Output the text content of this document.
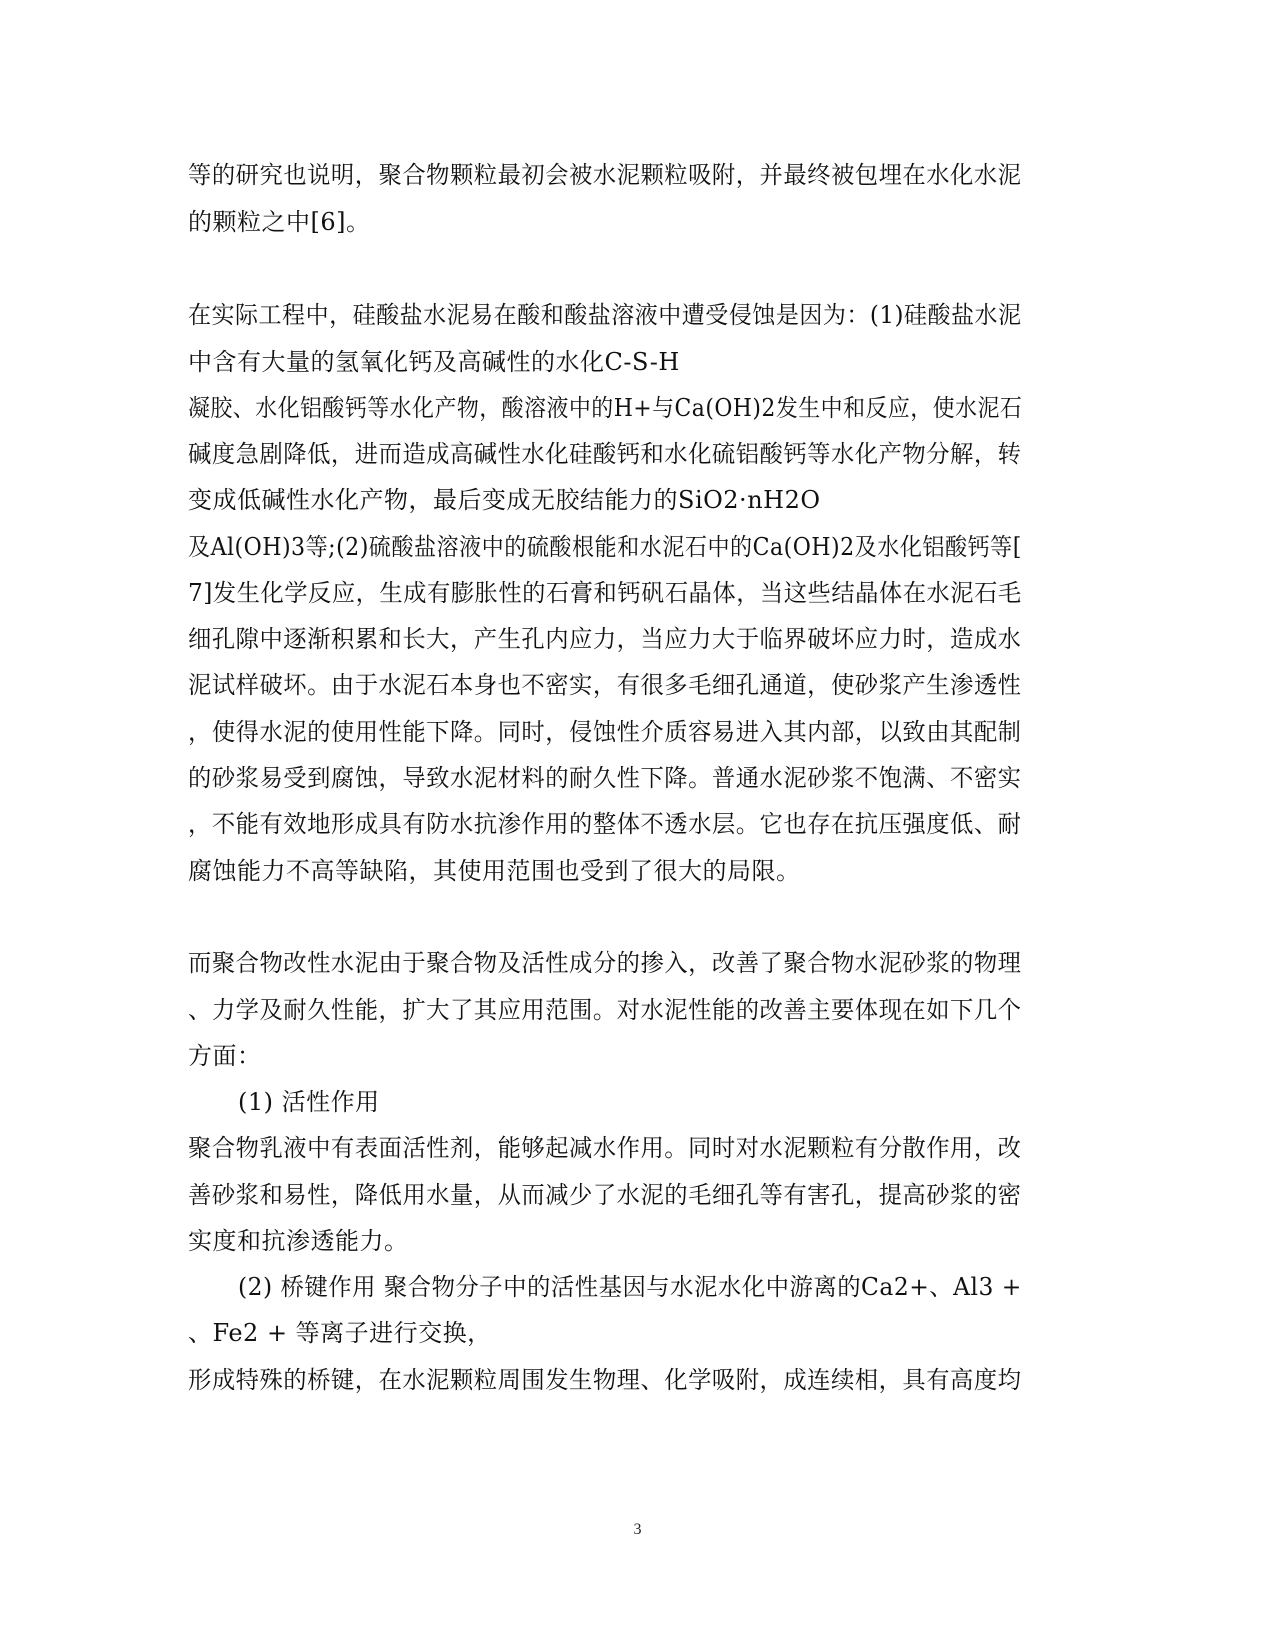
等的研究也说明，聚合物颗粒最初会被水泥颗粒吸附，并最终被包埋在水化水泥
的颗粒之中[6]。
在实际工程中，硅酸盐水泥易在酸和酸盐溶液中遭受侵蚀是因为：(1)硅酸盐水泥
中含有大量的氢氧化钙及高碱性的水化C-S-H
凝胶、水化铝酸钙等水化产物，酸溶液中的H+与Ca(OH)2发生中和反应，使水泥石
碱度急剧降低，进而造成高碱性水化硅酸钙和水化硫铝酸钙等水化产物分解，转
变成低碱性水化产物，最后变成无胶结能力的SiO2·nH2O
及Al(OH)3等;(2)硫酸盐溶液中的硫酸根能和水泥石中的Ca(OH)2及水化铝酸钙等[
7]发生化学反应，生成有膨胀性的石膏和钙矾石晶体，当这些结晶体在水泥石毛
细孔隙中逐渐积累和长大，产生孔内应力，当应力大于临界破坏应力时，造成水
泥试样破坏。由于水泥石本身也不密实，有很多毛细孔通道，使砂浆产生渗透性
，使得水泥的使用性能下降。同时，侵蚀性介质容易进入其内部，以致由其配制
的砂浆易受到腐蚀，导致水泥材料的耐久性下降。普通水泥砂浆不饱满、不密实
，不能有效地形成具有防水抗渗作用的整体不透水层。它也存在抗压强度低、耐
腐蚀能力不高等缺陷，其使用范围也受到了很大的局限。
而聚合物改性水泥由于聚合物及活性成分的掺入，改善了聚合物水泥砂浆的物理
、力学及耐久性能，扩大了其应用范围。对水泥性能的改善主要体现在如下几个
方面：
(1) 活性作用
聚合物乳液中有表面活性剂，能够起减水作用。同时对水泥颗粒有分散作用，改
善砂浆和易性，降低用水量，从而减少了水泥的毛细孔等有害孔，提高砂浆的密
实度和抗渗透能力。
(2) 桥键作用 聚合物分子中的活性基因与水泥水化中游离的Ca2+、Al3 +
、Fe2 + 等离子进行交换，
形成特殊的桥键，在水泥颗粒周围发生物理、化学吸附，成连续相，具有高度均
3
